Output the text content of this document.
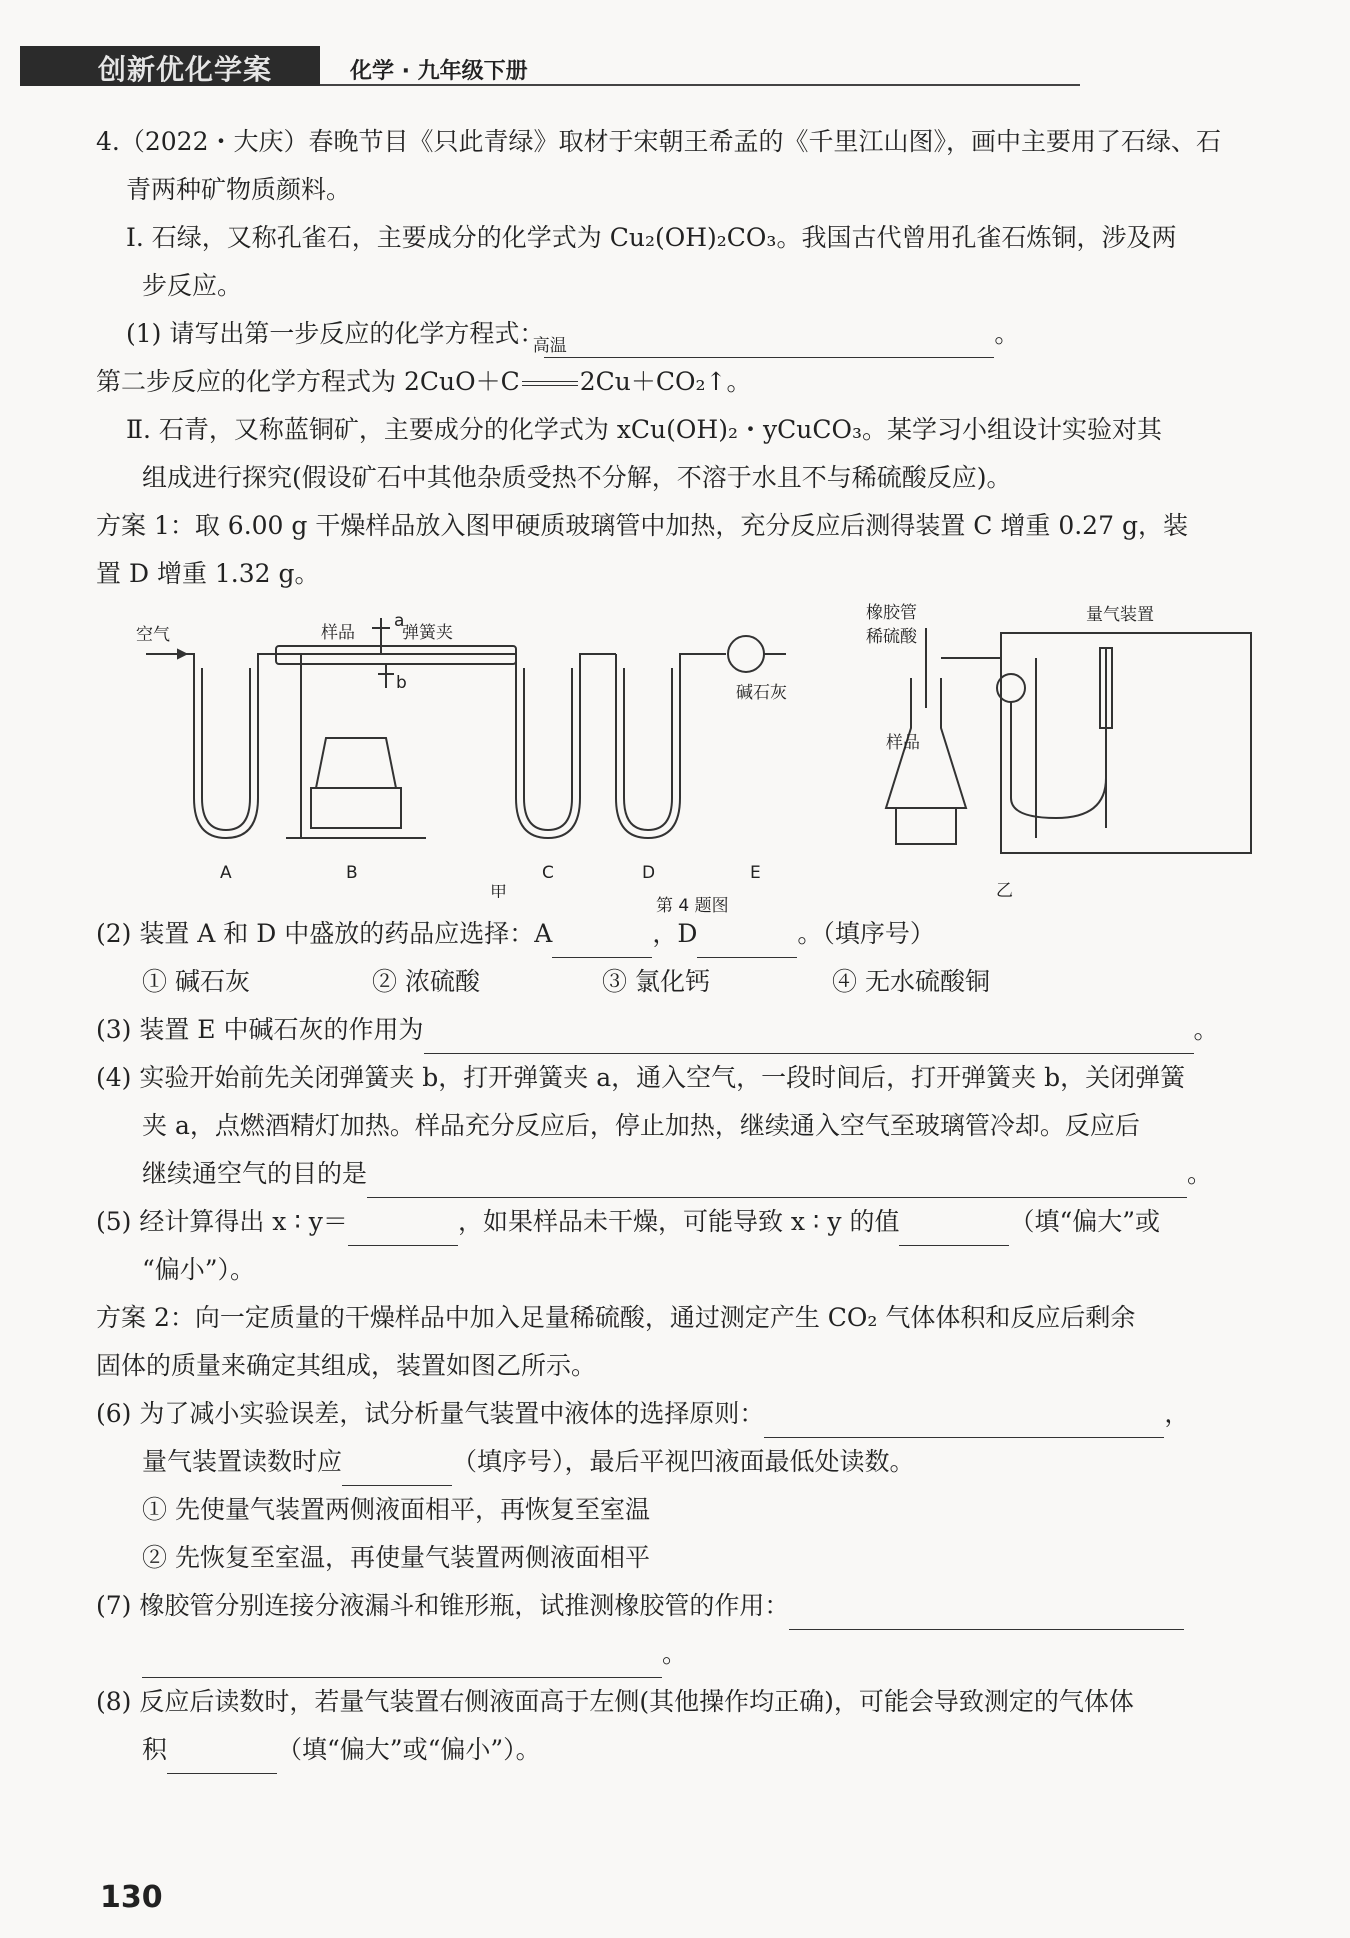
创新优化学案	化学 · 九年级下册
4.（2022・大庆）春晚节目《只此青绿》取材于宋朝王希孟的《千里江山图》，画中主要用了石绿、石
青两种矿物质颜料。
Ⅰ. 石绿，又称孔雀石，主要成分的化学式为 Cu₂(OH)₂CO₃。我国古代曾用孔雀石炼铜，涉及两
步反应。
(1) 请写出第一步反应的化学方程式：	。
第二步反应的化学方程式为 2CuO＋C
高温
2Cu＋CO₂↑。
Ⅱ. 石青，又称蓝铜矿，主要成分的化学式为 xCu(OH)₂・yCuCO₃。某学习小组设计实验对其
组成进行探究(假设矿石中其他杂质受热不分解，不溶于水且不与稀硫酸反应)。
方案 1：取 6.00 g 干燥样品放入图甲硬质玻璃管中加热，充分反应后测得装置 C 增重 0.27 g，装
置 D 增重 1.32 g。
空气	样品
a
b
弹簧夹
碱石灰
A	B	C	D	E
甲
橡胶管
稀硫酸
样品
量气装置
乙
第 4 题图
(2) 装置 A 和 D 中盛放的药品应选择：A	，D	。（填序号）
① 碱石灰	② 浓硫酸	③ 氯化钙	④ 无水硫酸铜
(3) 装置 E 中碱石灰的作用为	。
(4) 实验开始前先关闭弹簧夹 b，打开弹簧夹 a，通入空气，一段时间后，打开弹簧夹 b，关闭弹簧
夹 a，点燃酒精灯加热。样品充分反应后，停止加热，继续通入空气至玻璃管冷却。反应后
继续通空气的目的是	。
(5) 经计算得出 x ∶ y＝	，如果样品未干燥，可能导致 x ∶ y 的值	（填“偏大”或
“偏小”）。
方案 2：向一定质量的干燥样品中加入足量稀硫酸，通过测定产生 CO₂ 气体体积和反应后剩余
固体的质量来确定其组成，装置如图乙所示。
(6) 为了减小实验误差，试分析量气装置中液体的选择原则：	，
量气装置读数时应	（填序号），最后平视凹液面最低处读数。
① 先使量气装置两侧液面相平，再恢复至室温
② 先恢复至室温，再使量气装置两侧液面相平
(7) 橡胶管分别连接分液漏斗和锥形瓶，试推测橡胶管的作用：
。
(8) 反应后读数时，若量气装置右侧液面高于左侧(其他操作均正确)，可能会导致测定的气体体
积	（填“偏大”或“偏小”）。
130
